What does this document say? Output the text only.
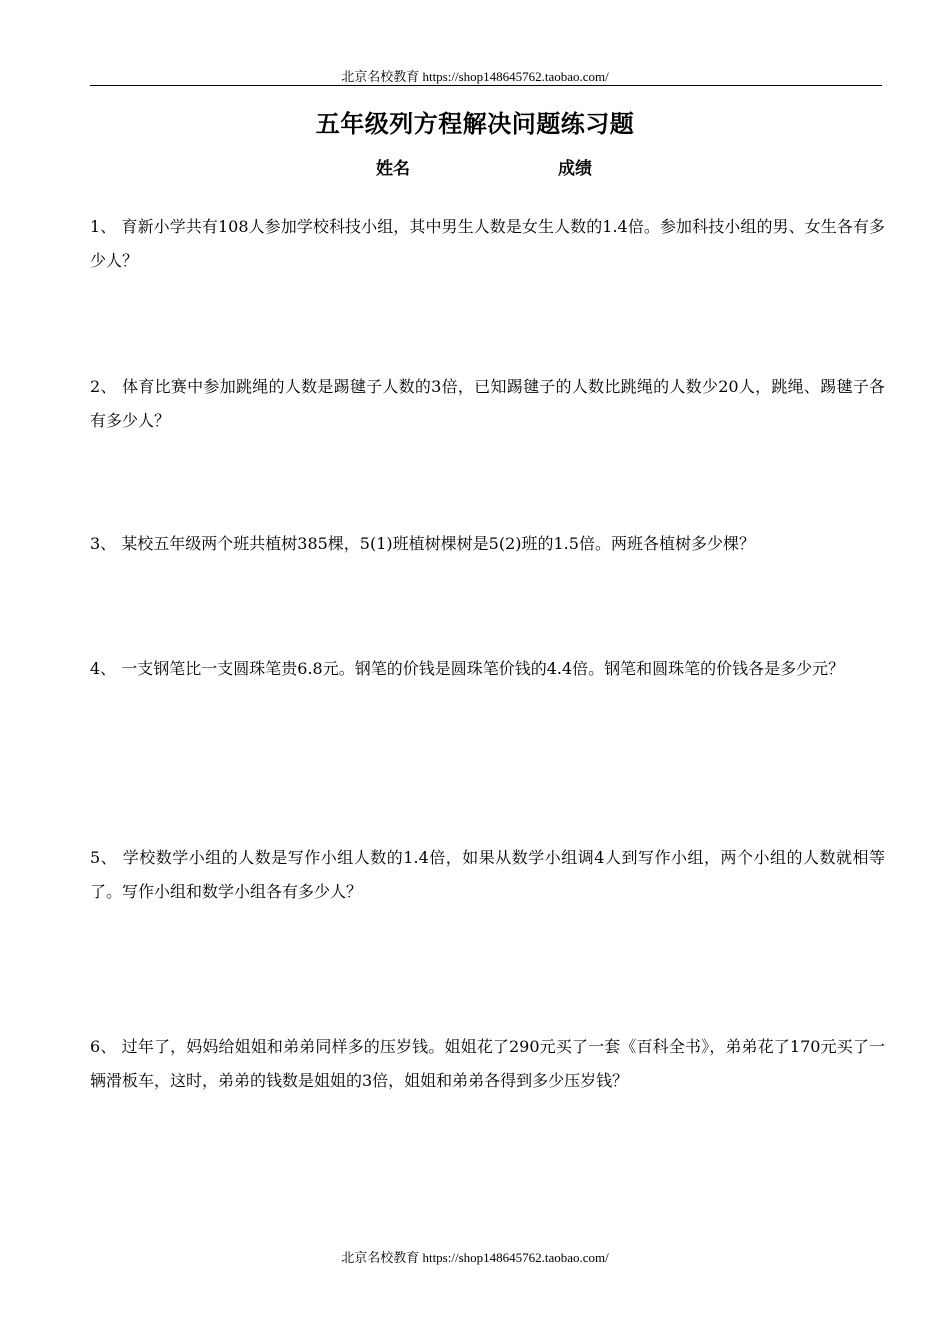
北京名校教育 https://shop148645762.taobao.com/
五年级列方程解决问题练习题
姓名	成绩
1、 育新小学共有108人参加学校科技小组，其中男生人数是女生人数的1.4倍。参加科技小组的男、女生各有多少人？
2、 体育比赛中参加跳绳的人数是踢毽子人数的3倍，已知踢毽子的人数比跳绳的人数少20人，跳绳、踢毽子各有多少人？
3、 某校五年级两个班共植树385棵，5(1)班植树棵树是5(2)班的1.5倍。两班各植树多少棵？
4、 一支钢笔比一支圆珠笔贵6.8元。钢笔的价钱是圆珠笔价钱的4.4倍。钢笔和圆珠笔的价钱各是多少元？
5、 学校数学小组的人数是写作小组人数的1.4倍，如果从数学小组调4人到写作小组，两个小组的人数就相等了。写作小组和数学小组各有多少人？
6、 过年了，妈妈给姐姐和弟弟同样多的压岁钱。姐姐花了290元买了一套《百科全书》，弟弟花了170元买了一辆滑板车，这时，弟弟的钱数是姐姐的3倍，姐姐和弟弟各得到多少压岁钱？
北京名校教育 https://shop148645762.taobao.com/
